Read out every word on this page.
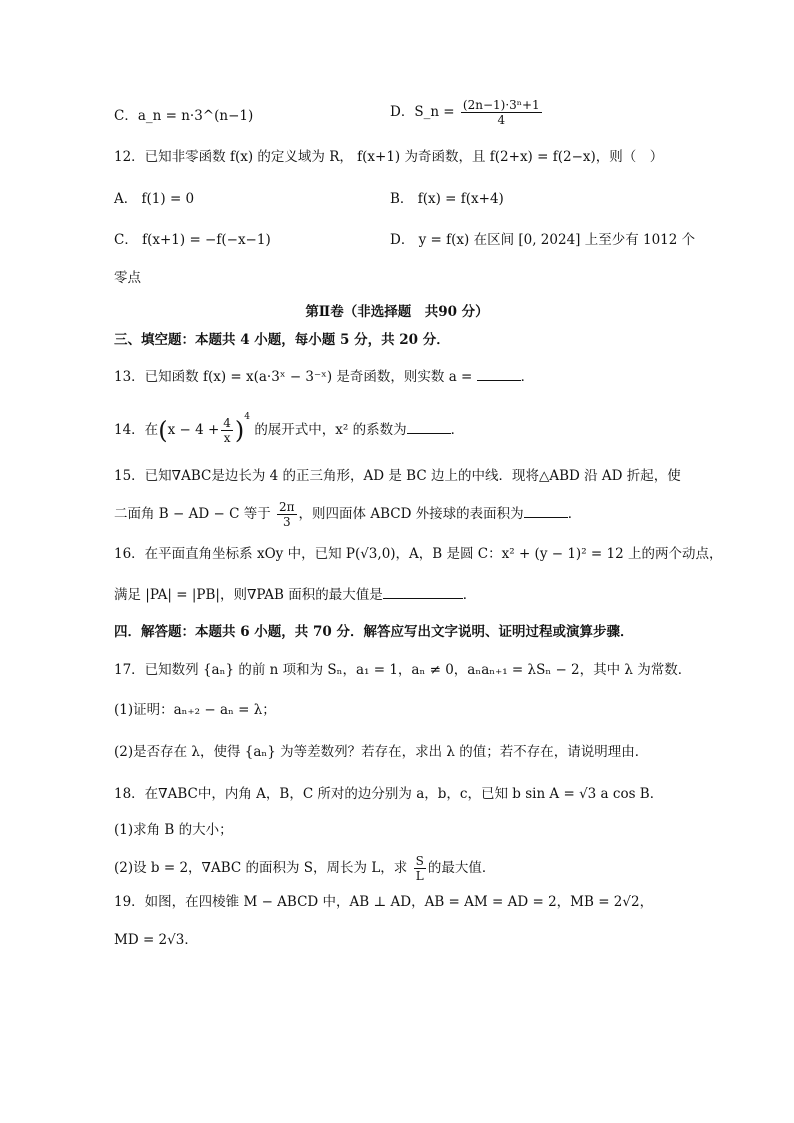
C．a_n = n·3^(n−1)	D．S_n = $\frac{\text{(2n−1)·3ⁿ+1}}{4}$
12．已知非零函数 f(x) 的定义域为 R， f(x+1) 为奇函数，且 f(2+x) = f(2−x)，则（　）
A． f(1) = 0	B． f(x) = f(x+4)
C． f(x+1) = −f(−x−1)	D． y = f(x) 在区间 [0, 2024] 上至少有 1012 个
零点
第Ⅱ卷（非选择题　共90 分）
三、填空题：本题共 4 小题，每小题 5 分，共 20 分．
13．已知函数 f(x) = x(a·3ˣ − 3⁻ˣ) 是奇函数，则实数 a =	．
14．在$(x - 4 + \frac{4}{x} )^4$ 的展开式中，x² 的系数为	．
15．已知∇ABC是边长为 4 的正三角形，AD 是 BC 边上的中线．现将△ABD 沿 AD 折起，使
二面角 B − AD − C 等于 $\frac{2\pi}{3}$ ，则四面体 ABCD 外接球的表面积为	．
16．在平面直角坐标系 xOy 中，已知 P(√3,0)，A，B 是圆 C：x² + (y − 1)² = 12 上的两个动点，
满足 |PA| = |PB|，则∇PAB 面积的最大值是	．
四．解答题：本题共 6 小题，共 70 分．解答应写出文字说明、证明过程或演算步骤．
17．已知数列 {aₙ} 的前 n 项和为 Sₙ，a₁ = 1，aₙ ≠ 0，aₙaₙ₊₁ = λSₙ − 2，其中 λ 为常数．
(1)证明：aₙ₊₂ − aₙ = λ；
(2)是否存在 λ，使得 {aₙ} 为等差数列？若存在，求出 λ 的值；若不存在，请说明理由．
18．在∇ABC中，内角 A，B，C 所对的边分别为 a，b，c，已知 b sin A = √3 a cos B．
(1)求角 B 的大小；
(2)设 b = 2，∇ABC 的面积为 S，周长为 L，求 $\frac{S}{L}$ 的最大值．
19．如图，在四棱锥 M − ABCD 中，AB ⊥ AD，AB = AM = AD = 2，MB = 2√2，
MD = 2√3．
